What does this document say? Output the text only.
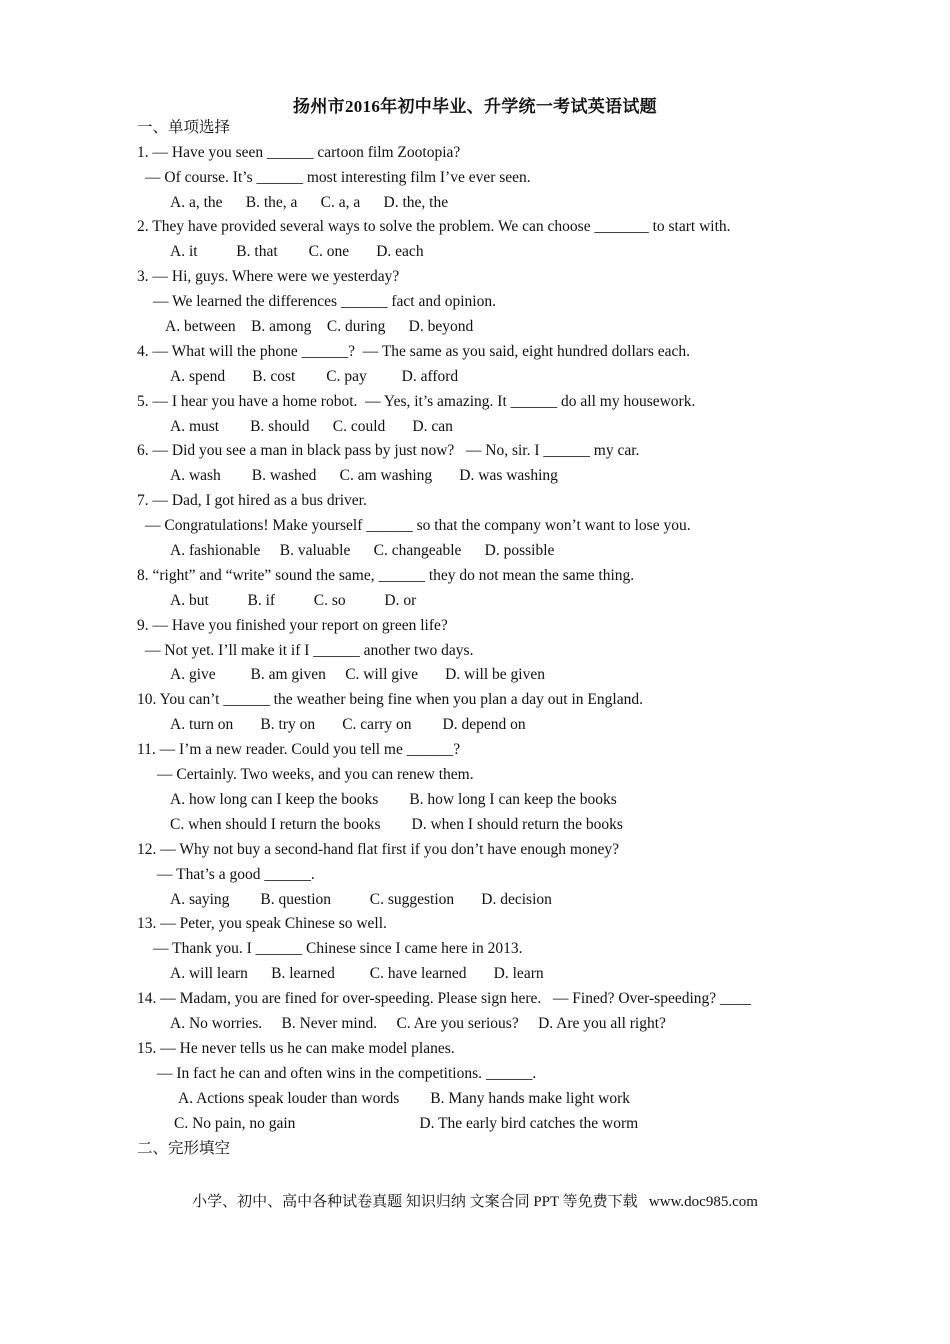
扬州市2016年初中毕业、升学统一考试英语试题
一、单项选择
1. — Have you seen ______ cartoon film Zootopia?
— Of course. It’s ______ most interesting film I’ve ever seen.
A. a, the      B. the, a      C. a, a      D. the, the
2. They have provided several ways to solve the problem. We can choose _______ to start with.
A. it          B. that        C. one       D. each
3. — Hi, guys. Where were we yesterday?
— We learned the differences ______ fact and opinion.
A. between    B. among    C. during      D. beyond
4. — What will the phone ______?  — The same as you said, eight hundred dollars each.
A. spend       B. cost        C. pay         D. afford
5. — I hear you have a home robot.  — Yes, it’s amazing. It ______ do all my housework.
A. must        B. should      C. could       D. can
6. — Did you see a man in black pass by just now?   — No, sir. I ______ my car.
A. wash        B. washed      C. am washing       D. was washing
7. — Dad, I got hired as a bus driver.
— Congratulations! Make yourself ______ so that the company won’t want to lose you.
A. fashionable     B. valuable      C. changeable      D. possible
8. “right” and “write” sound the same, ______ they do not mean the same thing.
A. but          B. if          C. so          D. or
9. — Have you finished your report on green life?
— Not yet. I’ll make it if I ______ another two days.
A. give         B. am given     C. will give       D. will be given
10. You can’t ______ the weather being fine when you plan a day out in England.
A. turn on       B. try on       C. carry on        D. depend on
11. — I’m a new reader. Could you tell me ______?
— Certainly. Two weeks, and you can renew them.
A. how long can I keep the books        B. how long I can keep the books
C. when should I return the books        D. when I should return the books
12. — Why not buy a second-hand flat first if you don’t have enough money?
— That’s a good ______.
A. saying        B. question          C. suggestion       D. decision
13. — Peter, you speak Chinese so well.
— Thank you. I ______ Chinese since I came here in 2013.
A. will learn      B. learned         C. have learned       D. learn
14. — Madam, you are fined for over-speeding. Please sign here.   — Fined? Over-speeding? ____
A. No worries.     B. Never mind.     C. Are you serious?     D. Are you all right?
15. — He never tells us he can make model planes.
— In fact he can and often wins in the competitions. ______.
A. Actions speak louder than words        B. Many hands make light work
C. No pain, no gain                                D. The early bird catches the worm
二、完形填空
小学、初中、高中各种试卷真题 知识归纳 文案合同 PPT 等免费下载   www.doc985.com
